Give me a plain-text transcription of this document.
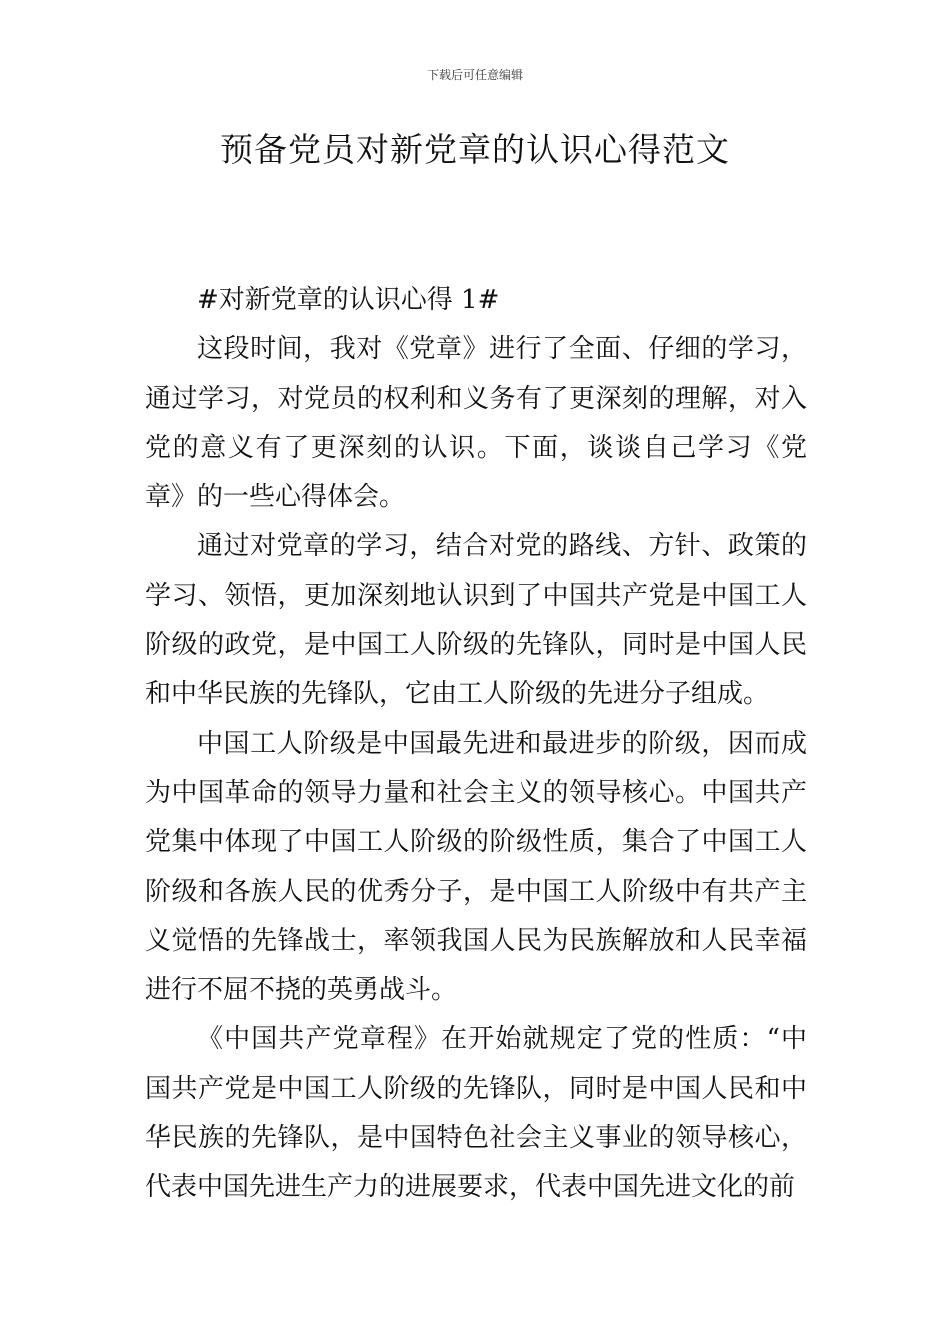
下载后可任意编辑
预备党员对新党章的认识心得范文

#对新党章的认识心得 1#

这段时间，我对《党章》进行了全面、仔细的学习，通过学习，对党员的权利和义务有了更深刻的理解，对入党的意义有了更深刻的认识。下面，谈谈自己学习《党章》的一些心得体会。

通过对党章的学习，结合对党的路线、方针、政策的学习、领悟，更加深刻地认识到了中国共产党是中国工人阶级的政党，是中国工人阶级的先锋队，同时是中国人民和中华民族的先锋队，它由工人阶级的先进分子组成。

中国工人阶级是中国最先进和最进步的阶级，因而成为中国革命的领导力量和社会主义的领导核心。中国共产党集中体现了中国工人阶级的阶级性质，集合了中国工人阶级和各族人民的优秀分子，是中国工人阶级中有共产主义觉悟的先锋战士，率领我国人民为民族解放和人民幸福进行不屈不挠的英勇战斗。

《中国共产党章程》在开始就规定了党的性质：“中国共产党是中国工人阶级的先锋队，同时是中国人民和中华民族的先锋队，是中国特色社会主义事业的领导核心，代表中国先进生产力的进展要求，代表中国先进文化的前
